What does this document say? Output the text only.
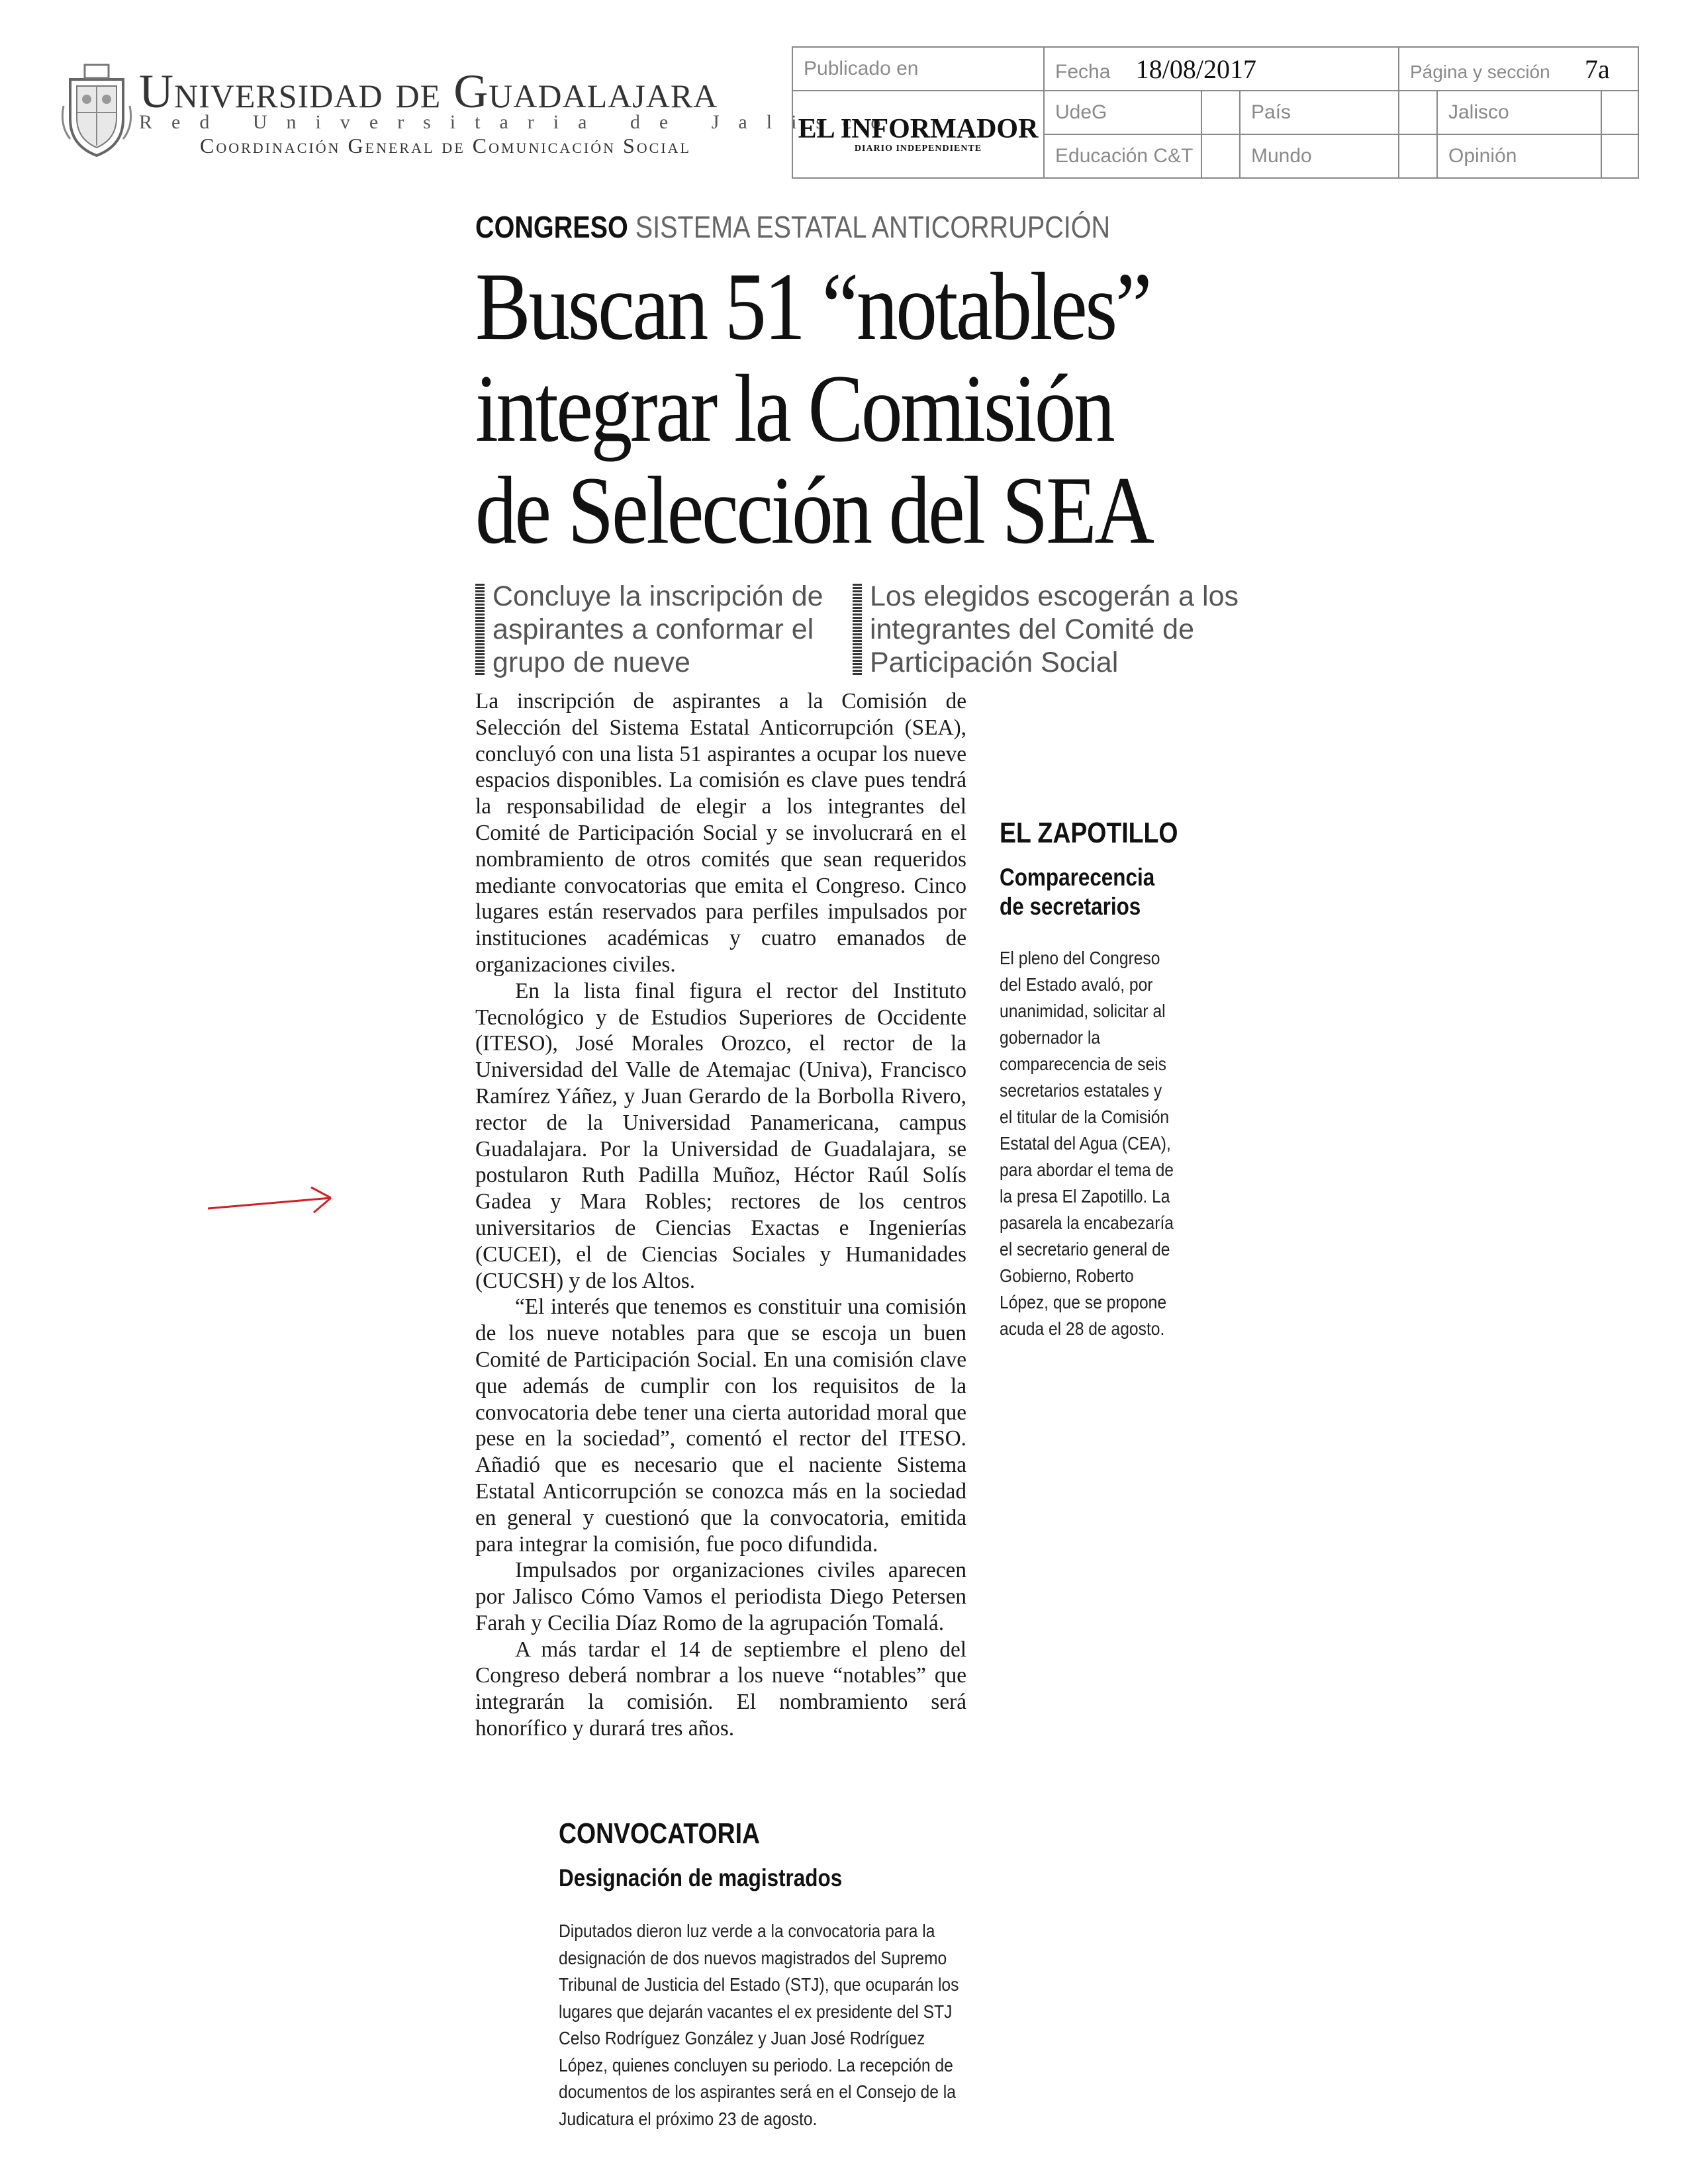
Universidad de Guadalajara
Red Universitaria de Jalisco
Coordinación General de Comunicación Social
Publicado en	Fecha 18/08/2017			Página y sección 7a		

EL INFORMADOR
DIARIO INDEPENDIENTE	UdeG		País		Jalisco	
	Educación C&T		Mundo		Opinión	
CONGRESO SISTEMA ESTATAL ANTICORRUPCIÓN
Buscan 51 “notables”
integrar la Comisión
de Selección del SEA
Concluye la inscripción de aspirantes a conformar el grupo de nueve
Los elegidos escogerán a los integrantes del Comité de Participación Social

La inscripción de aspirantes a la Comisión de Selección del Sistema Estatal Anticorrupción (SEA), concluyó con una lista 51 aspirantes a ocupar los nueve espacios disponibles. La comisión es clave pues tendrá la responsabilidad de elegir a los integrantes del Comité de Participación Social y se involucrará en el nombramiento de otros comités que sean requeridos mediante convocatorias que emita el Congreso. Cinco lugares están reservados para perfiles impulsados por instituciones académicas y cuatro emanados de organizaciones civiles.

En la lista final figura el rector del Instituto Tecnológico y de Estudios Superiores de Occidente (ITESO), José Morales Orozco, el rector de la Universidad del Valle de Atemajac (Univa), Francisco Ramírez Yáñez, y Juan Gerardo de la Borbolla Rivero, rector de la Universidad Panamericana, campus Guadalajara. Por la Universidad de Guadalajara, se postularon Ruth Padilla Muñoz, Héctor Raúl Solís Gadea y Mara Robles; rectores de los centros universitarios de Ciencias Exactas e Ingenierías (CUCEI), el de Ciencias Sociales y Humanidades (CUCSH) y de los Altos.

“El interés que tenemos es constituir una comisión de los nueve notables para que se escoja un buen Comité de Participación Social. En una comisión clave que además de cumplir con los requisitos de la convocatoria debe tener una cierta autoridad moral que pese en la sociedad”, comentó el rector del ITESO. Añadió que es necesario que el naciente Sistema Estatal Anticorrupción se conozca más en la sociedad en general y cuestionó que la convocatoria, emitida para integrar la comisión, fue poco difundida.

Impulsados por organizaciones civiles aparecen por Jalisco Cómo Vamos el periodista Diego Petersen Farah y Cecilia Díaz Romo de la agrupación Tomalá.

A más tardar el 14 de septiembre el pleno del Congreso deberá nombrar a los nueve “notables” que integrarán la comisión. El nombramiento será honorífico y durará tres años.

EL ZAPOTILLO
Comparecencia de secretarios
El pleno del Congreso del Estado avaló, por unanimidad, solicitar al gobernador la comparecencia de seis secretarios estatales y el titular de la Comisión Estatal del Agua (CEA), para abordar el tema de la presa El Zapotillo. La pasarela la encabezaría el secretario general de Gobierno, Roberto López, que se propone acuda el 28 de agosto.
CONVOCATORIA
Designación de magistrados
Diputados dieron luz verde a la convocatoria para la designación de dos nuevos magistrados del Supremo Tribunal de Justicia del Estado (STJ), que ocuparán los lugares que dejarán vacantes el ex presidente del STJ Celso Rodríguez González y Juan José Rodríguez López, quienes concluyen su periodo. La recepción de documentos de los aspirantes será en el Consejo de la Judicatura el próximo 23 de agosto.
